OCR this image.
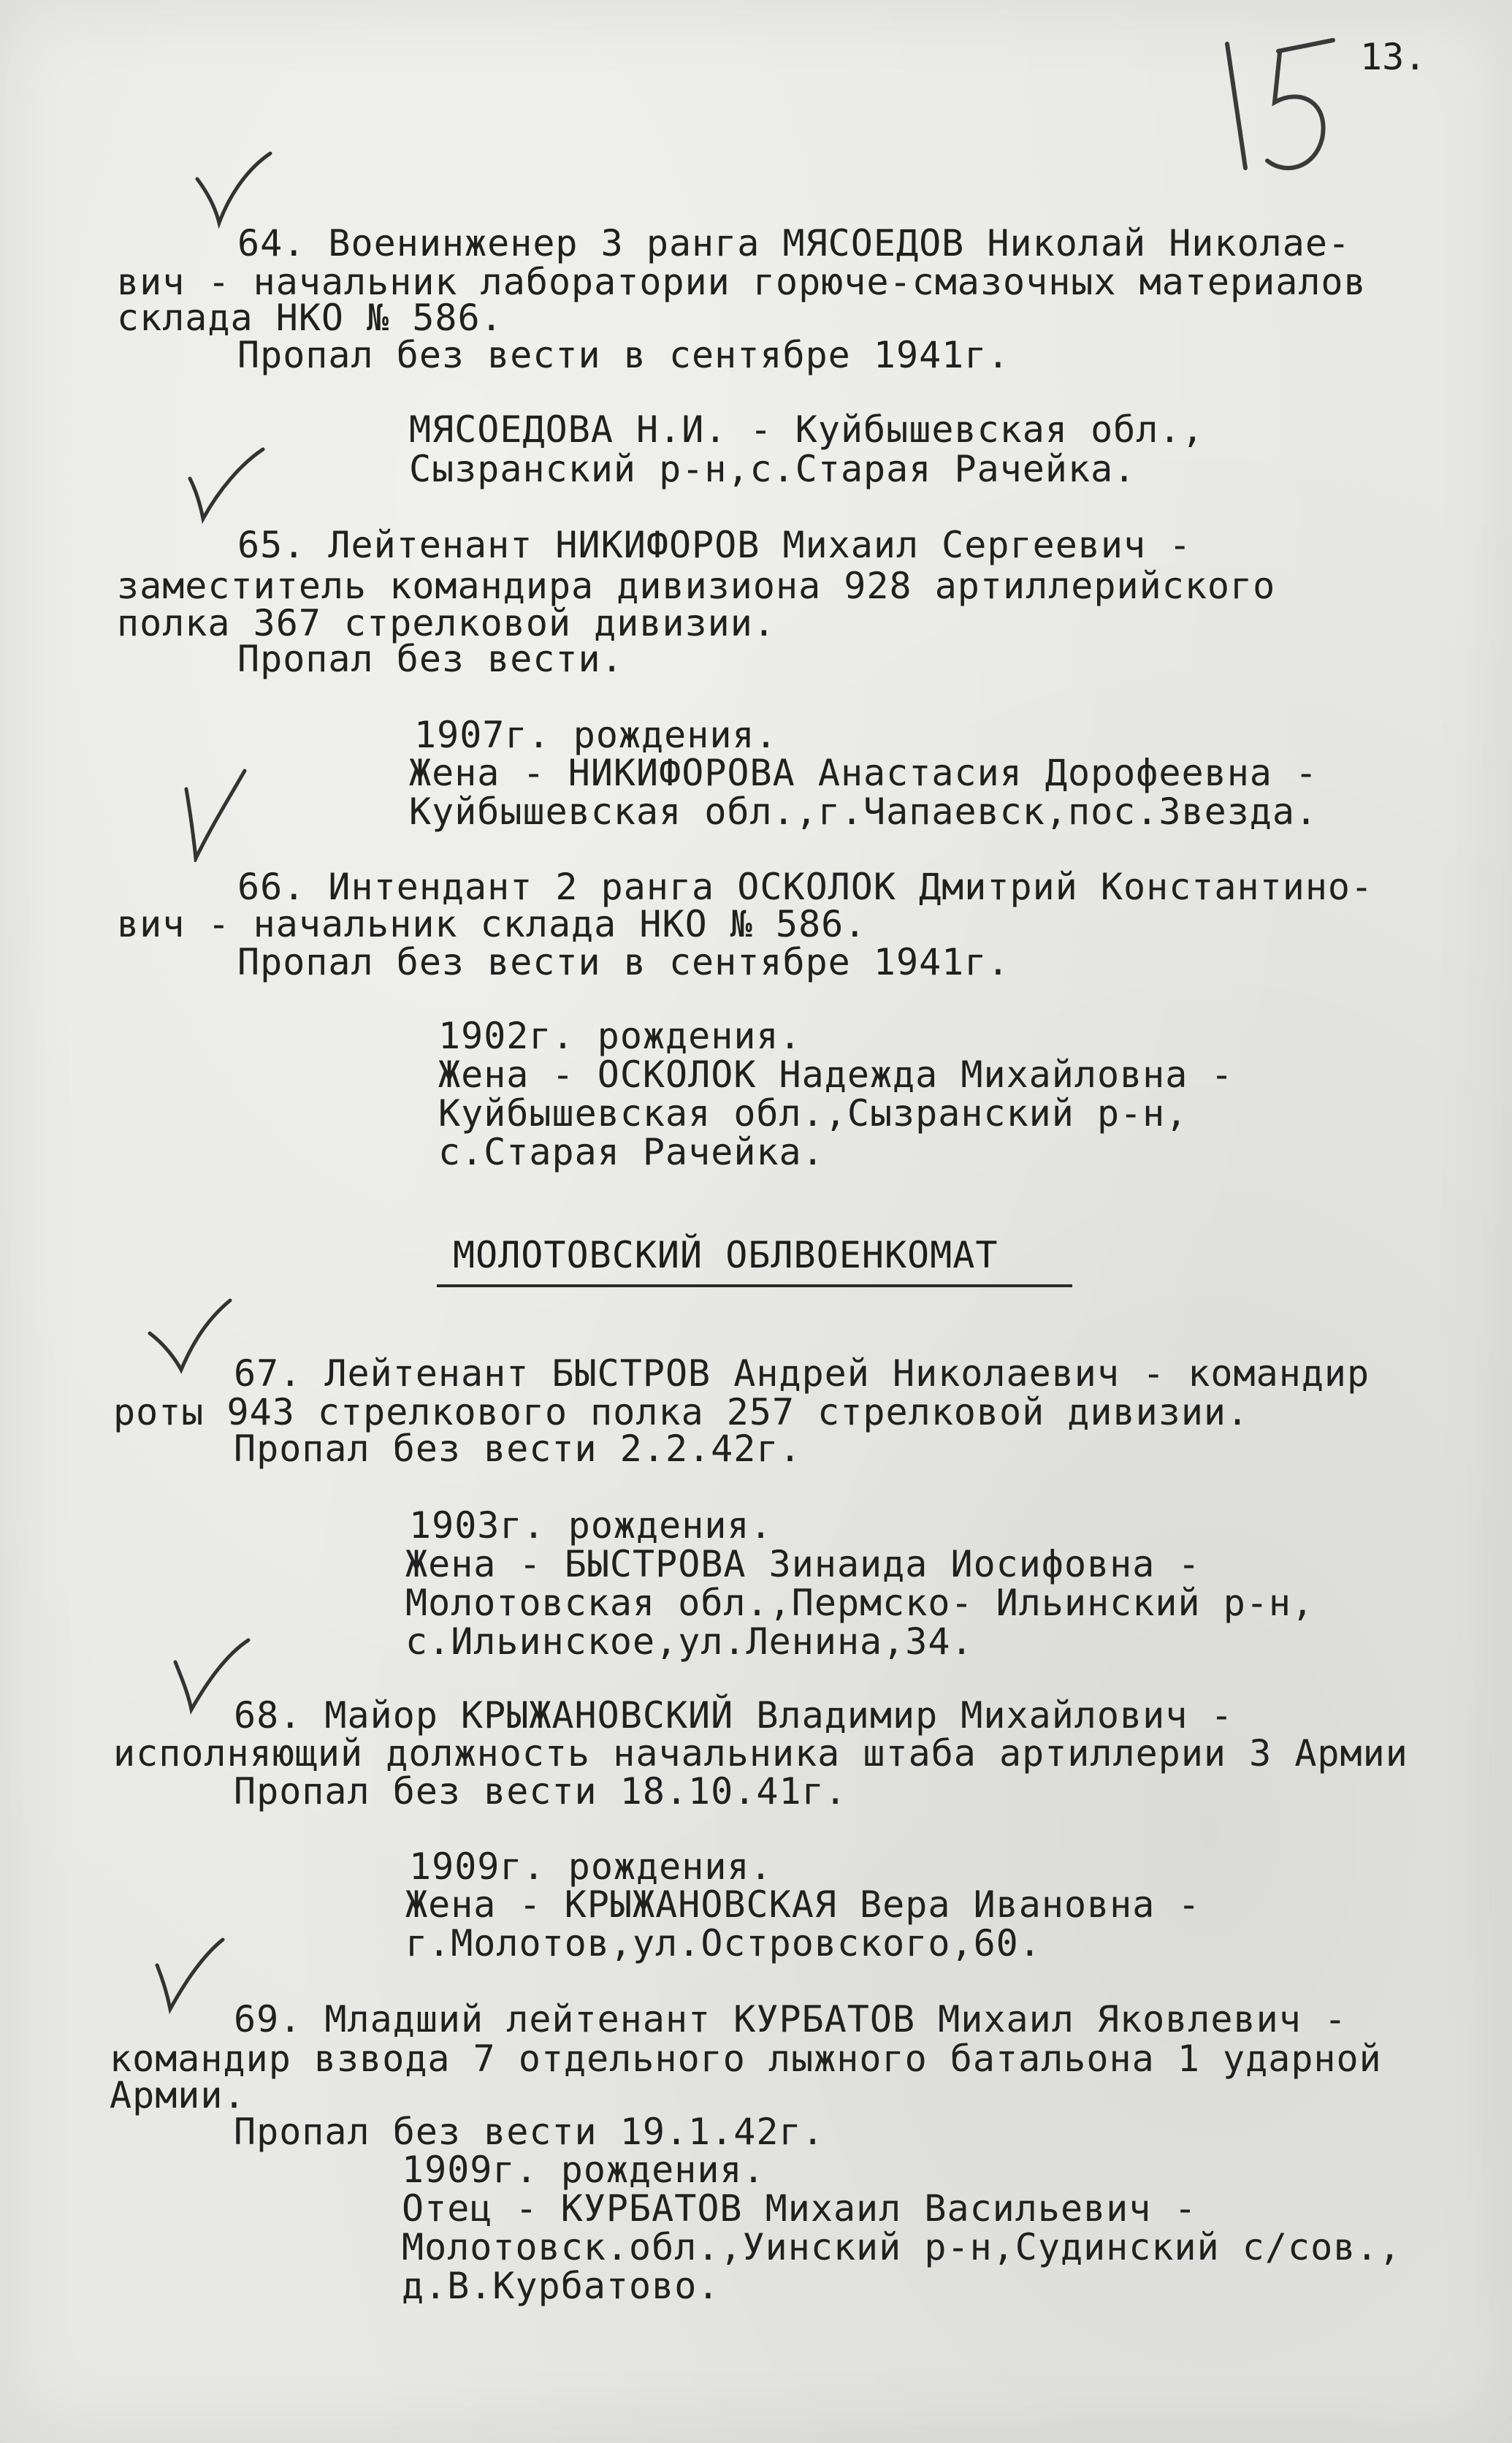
13.
64. Военинженер 3 ранга МЯСОЕДОВ Николай Николае-
вич - начальник лаборатории горюче-смазочных материалов
склада НКО № 586.
Пропал без вести в сентябре 1941г.
МЯСОЕДОВА Н.И. - Куйбышевская обл.,
Сызранский р-н,с.Старая Рачейка.
65. Лейтенант НИКИФОРОВ Михаил Сергеевич -
заместитель командира дивизиона 928 артиллерийского
полка 367 стрелковой дивизии.
Пропал без вести.
1907г. рождения.
Жена - НИКИФОРОВА Анастасия Дорофеевна -
Куйбышевская обл.,г.Чапаевск,пос.Звезда.
66. Интендант 2 ранга ОСКОЛОК Дмитрий Константино-
вич - начальник склада НКО № 586.
Пропал без вести в сентябре 1941г.
1902г. рождения.
Жена - ОСКОЛОК Надежда Михайловна -
Куйбышевская обл.,Сызранский р-н,
с.Старая Рачейка.
МОЛОТОВСКИЙ ОБЛВОЕНКОМАТ
67. Лейтенант БЫСТРОВ Андрей Николаевич - командир
роты 943 стрелкового полка 257 стрелковой дивизии.
Пропал без вести 2.2.42г.
1903г. рождения.
Жена - БЫСТРОВА Зинаида Иосифовна -
Молотовская обл.,Пермско- Ильинский р-н,
с.Ильинское,ул.Ленина,34.
68. Майор КРЫЖАНОВСКИЙ Владимир Михайлович -
исполняющий должность начальника штаба артиллерии 3 Армии
Пропал без вести 18.10.41г.
1909г. рождения.
Жена - КРЫЖАНОВСКАЯ Вера Ивановна -
г.Молотов,ул.Островского,60.
69. Младший лейтенант КУРБАТОВ Михаил Яковлевич -
командир взвода 7 отдельного лыжного батальона 1 ударной
Армии.
Пропал без вести 19.1.42г.
1909г. рождения.
Отец - КУРБАТОВ Михаил Васильевич -
Молотовск.обл.,Уинский р-н,Судинский с/сов.,
д.В.Курбатово.
